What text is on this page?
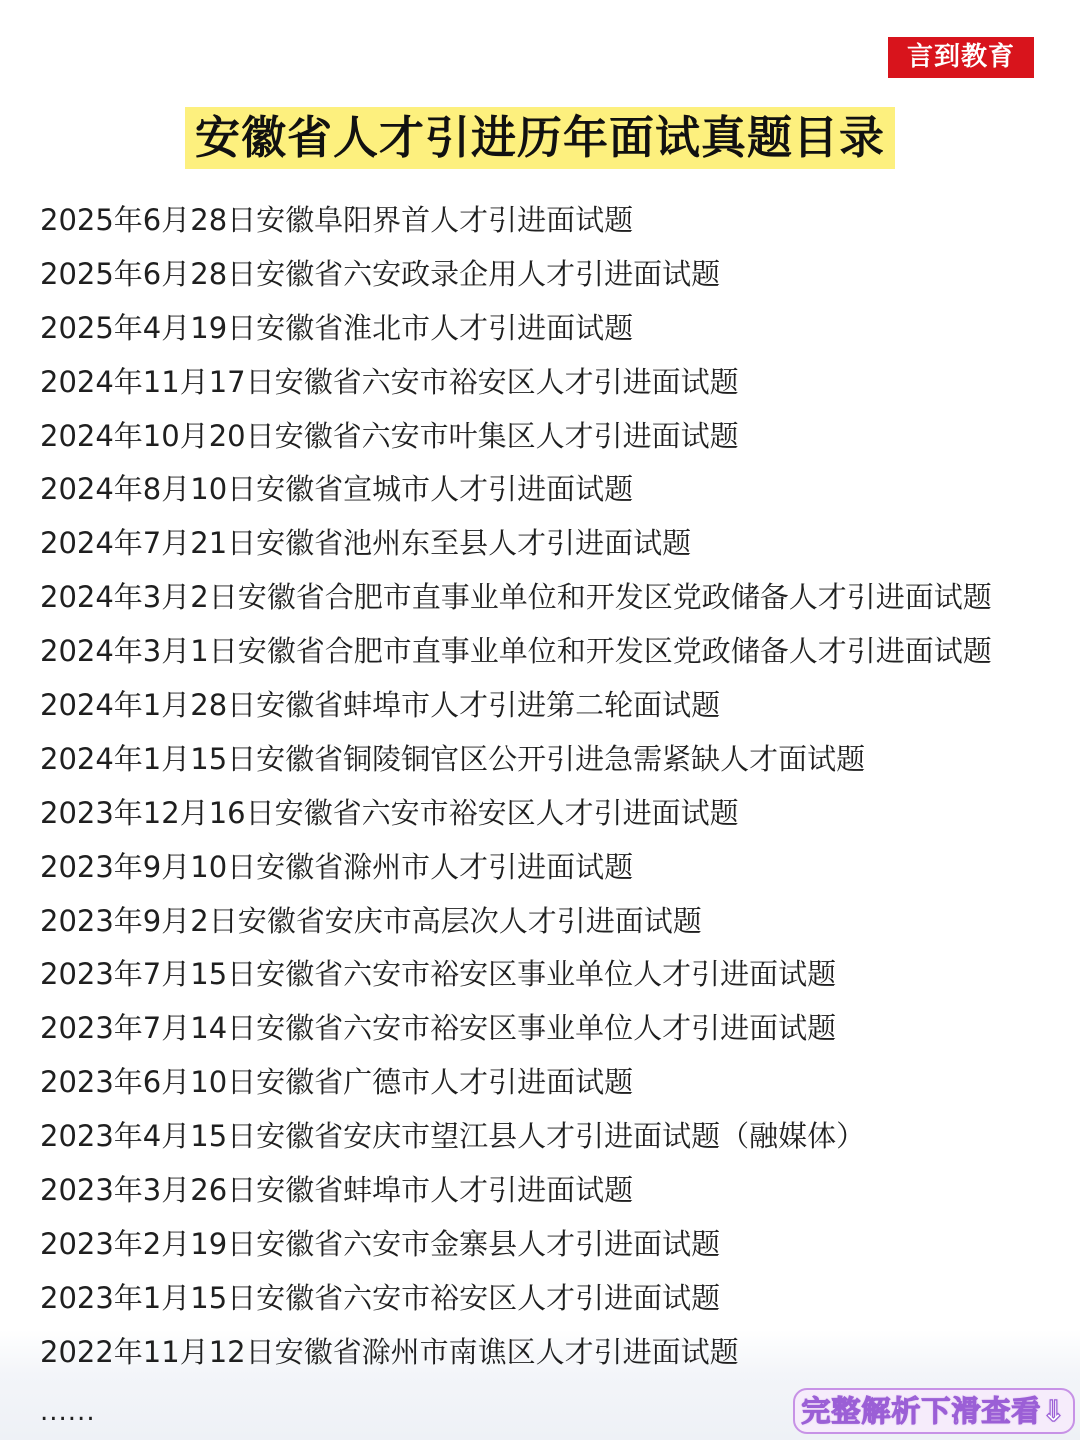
言到教育
安徽省人才引进历年面试真题目录
2025年6月28日安徽阜阳界首人才引进面试题
2025年6月28日安徽省六安政录企用人才引进面试题
2025年4月19日安徽省淮北市人才引进面试题
2024年11月17日安徽省六安市裕安区人才引进面试题
2024年10月20日安徽省六安市叶集区人才引进面试题
2024年8月10日安徽省宣城市人才引进面试题
2024年7月21日安徽省池州东至县人才引进面试题
2024年3月2日安徽省合肥市直事业单位和开发区党政储备人才引进面试题
2024年3月1日安徽省合肥市直事业单位和开发区党政储备人才引进面试题
2024年1月28日安徽省蚌埠市人才引进第二轮面试题
2024年1月15日安徽省铜陵铜官区公开引进急需紧缺人才面试题
2023年12月16日安徽省六安市裕安区人才引进面试题
2023年9月10日安徽省滁州市人才引进面试题
2023年9月2日安徽省安庆市高层次人才引进面试题
2023年7月15日安徽省六安市裕安区事业单位人才引进面试题
2023年7月14日安徽省六安市裕安区事业单位人才引进面试题
2023年6月10日安徽省广德市人才引进面试题
2023年4月15日安徽省安庆市望江县人才引进面试题（融媒体）
2023年3月26日安徽省蚌埠市人才引进面试题
2023年2月19日安徽省六安市金寨县人才引进面试题
2023年1月15日安徽省六安市裕安区人才引进面试题
2022年11月12日安徽省滁州市南谯区人才引进面试题
......	完整解析下滑查看⇓
